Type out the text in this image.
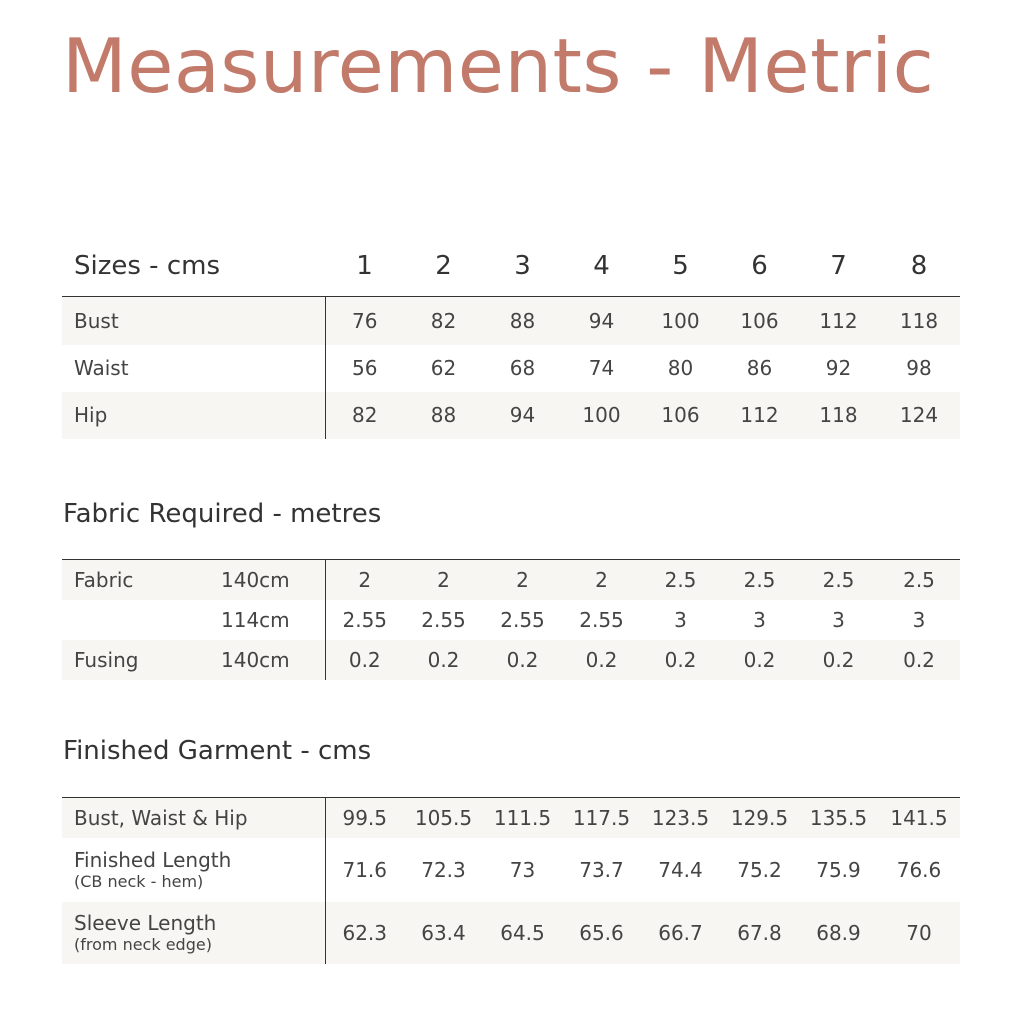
Measurements - Metric
Sizes - cms	1	2	3	4	5	6	7	8
Bust	76	82	88	94	100	106	112	118
Waist	56	62	68	74	80	86	92	98
Hip	82	88	94	100	106	112	118	124
Fabric Required - metres
Fabric	140cm	2	2	2	2	2.5	2.5	2.5	2.5
	114cm	2.55	2.55	2.55	2.55	3	3	3	3
Fusing	140cm	0.2	0.2	0.2	0.2	0.2	0.2	0.2	0.2
Finished Garment - cms
Bust, Waist & Hip	99.5	105.5	111.5	117.5	123.5	129.5	135.5	141.5

Finished Length
(CB neck - hem)	71.6	72.3	73	73.7	74.4	75.2	75.9	76.6

Sleeve Length
(from neck edge)	62.3	63.4	64.5	65.6	66.7	67.8	68.9	70
